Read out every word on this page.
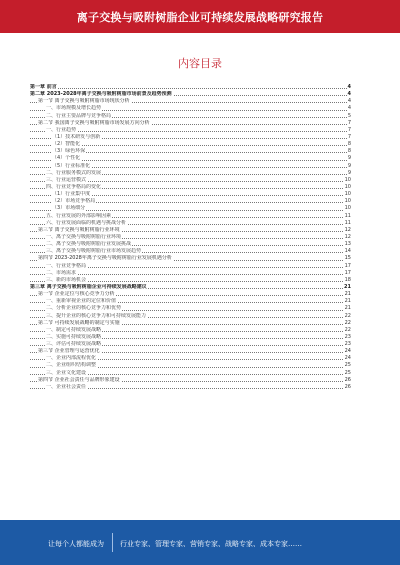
离子交换与吸附树脂企业可持续发展战略研究报告
内容目录
第一章 前言	4
第二章 2023-2028年离子交换与吸附树脂市场前景及趋势预测	4
第一节 离子交换与吸附树脂市场现状分析	4
一、市场规模及增长趋势	4
二、行业主要品牌与竞争格局	5
第二节 我国离子交换与吸附树脂市场发展方向分析	7
一、行业趋势	7
（1）技术研发与创新	7
（2）智能化	8
（3）绿色环保	8
（4）个性化	9
（5）行业标准化	9
二、行业服务模式的发展	9
三、行业运营模式	10
四、行业竞争格局的变化	10
（1）行业集中度	10
（2）市场竞争格局	10
（3）市场细分	10
五、行业发展的外部影响因素	11
六、行业发展面临的机遇与挑战分析	11
第三节 离子交换与吸附树脂行业环境	12
一、离子交换与吸附树脂行业环境	12
二、离子交换与吸附树脂行业发展挑战	13
三、离子交换与吸附树脂行业市场发展趋势	14
第四节 2023-2028年离子交换与吸附树脂行业发展机遇分析	15
一、行业竞争格局	17
二、市场需求	17
三、新的市场机会	18
第三章 离子交换与吸附树脂企业可持续发展战略建议	21
第一节 企业定位与核心竞争力分析	21
一、重新审视企业的定位和价值	21
二、分析企业的核心竞争力和优势	21
三、提升企业的核心竞争力和可持续发展能力	22
第二节 可持续发展战略的制定与实施	22
一、制定可持续发展战略	22
二、实施可持续发展战略	23
三、评估可持续发展战略	23
第三节 企业管理与运营优化	24
一、企业内部流程优化	24
二、企业组织结构调整	25
三、企业文化建设	25
第四节 企业社会责任与品牌形象建设	26
一、企业社会责任	26
让每个人都能成为 行业专家、管理专家、营销专家、战略专家、成本专家……
